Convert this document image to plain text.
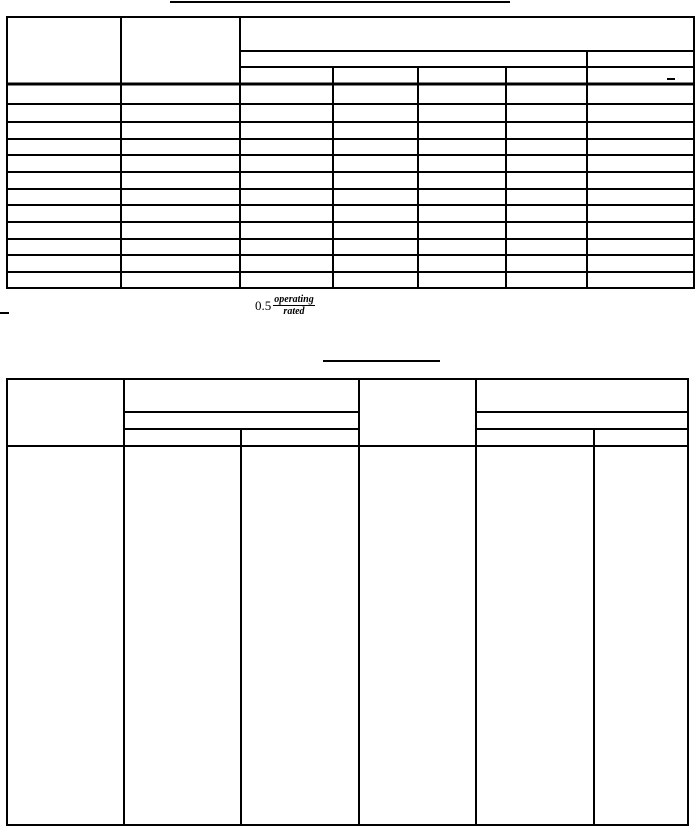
$0.5 \frac{\text{operating}}{\text{rated}}$
